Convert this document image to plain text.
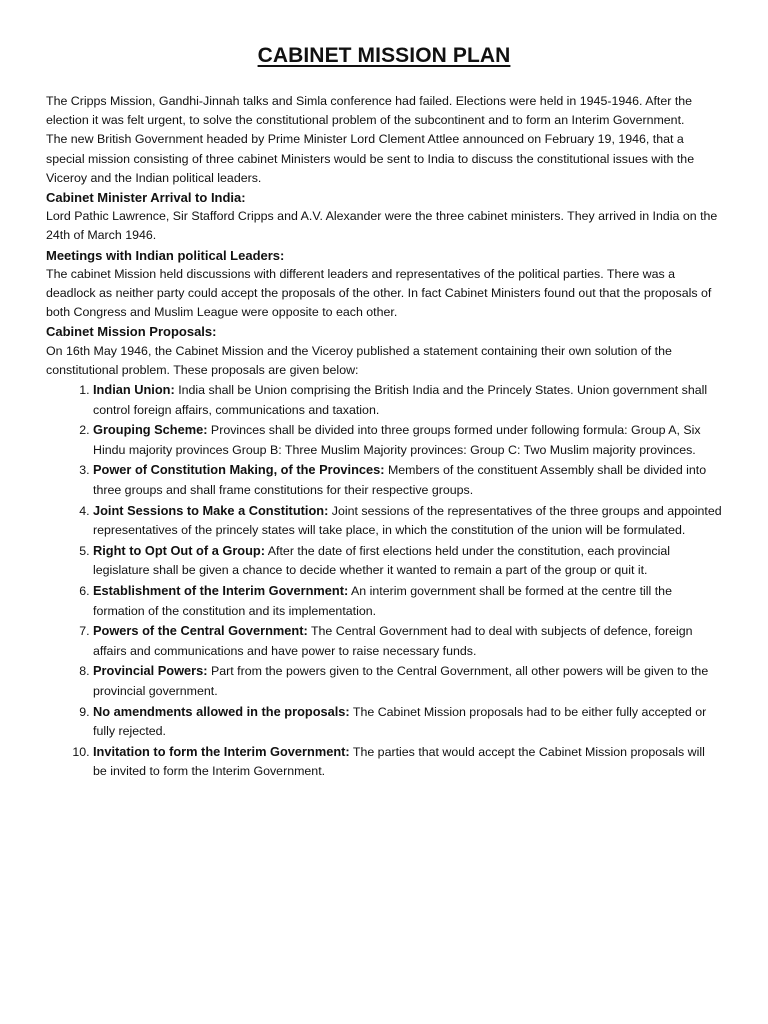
CABINET MISSION PLAN

The Cripps Mission, Gandhi-Jinnah talks and Simla conference had failed. Elections were held in 1945-1946. After the election it was felt urgent, to solve the constitutional problem of the subcontinent and to form an Interim Government.

The new British Government headed by Prime Minister Lord Clement Attlee announced on February 19, 1946, that a special mission consisting of three cabinet Ministers would be sent to India to discuss the constitutional issues with the Viceroy and the Indian political leaders.

Cabinet Minister Arrival to India:

Lord Pathic Lawrence, Sir Stafford Cripps and A.V. Alexander were the three cabinet ministers. They arrived in India on the 24th of March 1946.

Meetings with Indian political Leaders:

The cabinet Mission held discussions with different leaders and representatives of the political parties. There was a deadlock as neither party could accept the proposals of the other. In fact Cabinet Ministers found out that the proposals of both Congress and Muslim League were opposite to each other.

Cabinet Mission Proposals:

On 16th May 1946, the Cabinet Mission and the Viceroy published a statement containing their own solution of the constitutional problem. These proposals are given below:

1. Indian Union: India shall be Union comprising the British India and the Princely States. Union government shall control foreign affairs, communications and taxation.
2. Grouping Scheme: Provinces shall be divided into three groups formed under following formula: Group A, Six Hindu majority provinces Group B: Three Muslim Majority provinces: Group C: Two Muslim majority provinces.
3. Power of Constitution Making, of the Provinces: Members of the constituent Assembly shall be divided into three groups and shall frame constitutions for their respective groups.
4. Joint Sessions to Make a Constitution: Joint sessions of the representatives of the three groups and appointed representatives of the princely states will take place, in which the constitution of the union will be formulated.
5. Right to Opt Out of a Group: After the date of first elections held under the constitution, each provincial legislature shall be given a chance to decide whether it wanted to remain a part of the group or quit it.
6. Establishment of the Interim Government: An interim government shall be formed at the centre till the formation of the constitution and its implementation.
7. Powers of the Central Government: The Central Government had to deal with subjects of defence, foreign affairs and communications and have power to raise necessary funds.
8. Provincial Powers: Part from the powers given to the Central Government, all other powers will be given to the provincial government.
9. No amendments allowed in the proposals: The Cabinet Mission proposals had to be either fully accepted or fully rejected.
10. Invitation to form the Interim Government: The parties that would accept the Cabinet Mission proposals will be invited to form the Interim Government.
